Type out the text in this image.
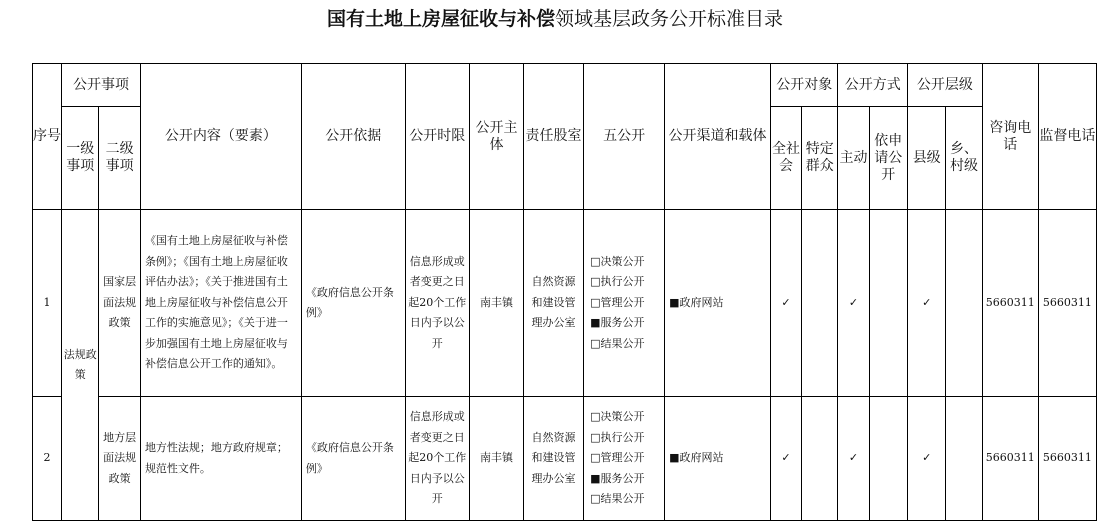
国有土地上房屋征收与补偿领域基层政务公开标准目录
序号	公开事项		公开内容（要素）	公开依据	公开时限	公开主体	责任股室	五公开	公开渠道和载体	公开对象		公开方式		公开层级		咨询电话	监督电话
	一级事项	二级事项								全社会	特定群众	主动	依申请公开	县级	乡、村级		
1	法规政策	国家层面法规政策	《国有土地上房屋征收与补偿条例》；《国有土地上房屋征收评估办法》；《关于推进国有土地上房屋征收与补偿信息公开工作的实施意见》；《关于进一步加强国有土地上房屋征收与补偿信息公开工作的通知》。	《政府信息公开条例》	信息形成或者变更之日起20个工作日内予以公开	南丰镇	自然资源和建设管理办公室	□决策公开
□执行公开
□管理公开
■服务公开
□结果公开	■政府网站	✓		✓		✓		5660311	5660311
2		地方层面法规政策	地方性法规；地方政府规章；规范性文件。	《政府信息公开条例》	信息形成或者变更之日起20个工作日内予以公开	南丰镇	自然资源和建设管理办公室	□决策公开
□执行公开
□管理公开
■服务公开
□结果公开	■政府网站	✓		✓		✓		5660311	5660311
